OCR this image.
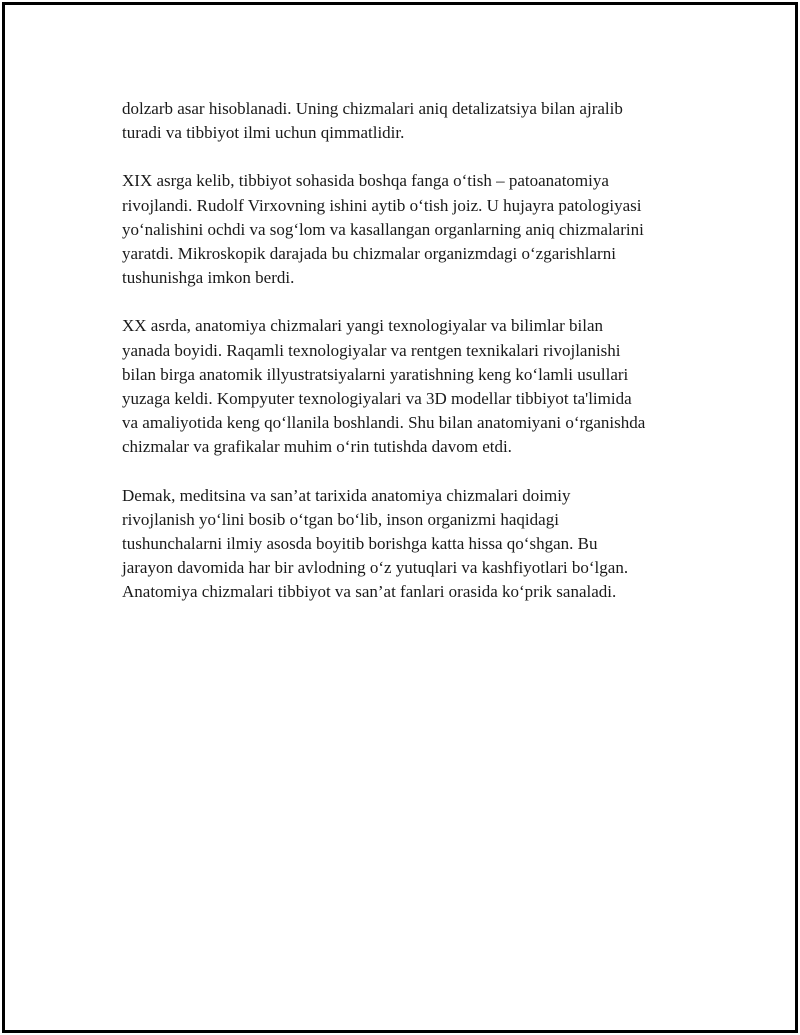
dolzarb asar hisoblanadi. Uning chizmalari aniq detalizatsiya bilan ajralib
turadi va tibbiyot ilmi uchun qimmatlidir.

XIX asrga kelib, tibbiyot sohasida boshqa fanga oʻtish – patoanatomiya
rivojlandi. Rudolf Virxovning ishini aytib oʻtish joiz. U hujayra patologiyasi
yoʻnalishini ochdi va sogʻlom va kasallangan organlarning aniq chizmalarini
yaratdi. Mikroskopik darajada bu chizmalar organizmdagi oʻzgarishlarni
tushunishga imkon berdi.

XX asrda, anatomiya chizmalari yangi texnologiyalar va bilimlar bilan
yanada boyidi. Raqamli texnologiyalar va rentgen texnikalari rivojlanishi
bilan birga anatomik illyustratsiyalarni yaratishning keng koʻlamli usullari
yuzaga keldi. Kompyuter texnologiyalari va 3D modellar tibbiyot ta'limida
va amaliyotida keng qoʻllanila boshlandi. Shu bilan anatomiyani oʻrganishda
chizmalar va grafikalar muhim oʻrin tutishda davom etdi.

Demak, meditsina va san’at tarixida anatomiya chizmalari doimiy
rivojlanish yoʻlini bosib oʻtgan boʻlib, inson organizmi haqidagi
tushunchalarni ilmiy asosda boyitib borishga katta hissa qoʻshgan. Bu
jarayon davomida har bir avlodning oʻz yutuqlari va kashfiyotlari boʻlgan.
Anatomiya chizmalari tibbiyot va san’at fanlari orasida koʻprik sanaladi.
